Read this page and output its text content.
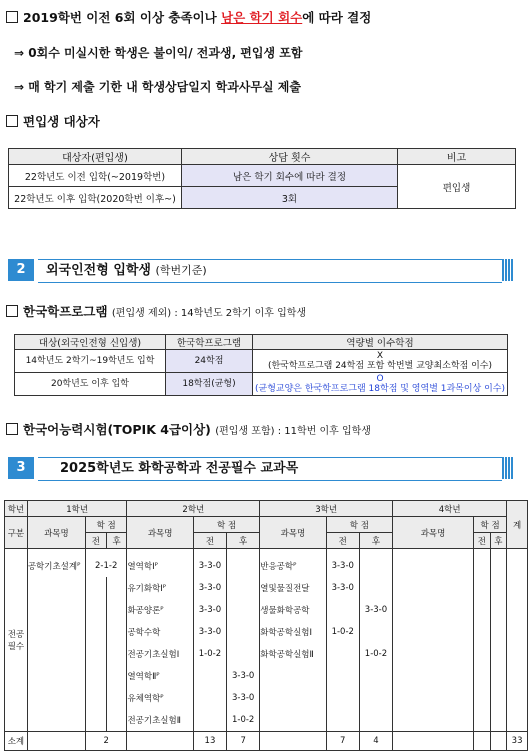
2019학번 이전 6회 이상 충족이나 남은 학기 회수에 따라 결정
⇒ 0회수 미실시한 학생은 불이익/ 전과생, 편입생 포함
⇒ 매 학기 제출 기한 내 학생상담일지 학과사무실 제출
편입생 대상자
대상자(편입생)	상담 횟수	비고
22학년도 이전 입학(~2019학번)	남은 학기 회수에 따라 결정	편입생
22학년도 이후 입학(2020학번 이후~)	3회	
2	외국인전형 입학생 (학번기준)
한국학프로그램 (편입생 제외) : 14학년도 2학기 이후 입학생
대상(외국인전형 신입생)	한국학프로그램	역량별 이수학점
14학년도 2학기~19학년도 입학	24학점	X
(한국학프로그램 24학점 포함 학번별 교양최소학점 이수)

20학년도 이후 입학	18학점(균형)	O
(균형교양은 한국학프로그램 18학점 및 영역별 1과목이상 이수)
한국어능력시험(TOPIK 4급이상) (편입생 포함) : 11학번 이후 입학생
3	2025학년도 화학공학과 전공필수 교과목
학년	1학년			2학년			3학년			4학년			계
구분	과목명	학 점		과목명	학 점		과목명	학 점		과목명	학 점		
		전	후		전	후		전	후		전	후	
전공
필수	공학기초설계ᴾ	2-1-2		열역학Ⅰᴾ	3-3-0		반응공학ᴾ	3-3-0					
				유기화학Ⅰᴾ	3-3-0		열및물질전달	3-3-0					
				화공양론ᴾ	3-3-0		생물화학공학		3-3-0				
				공학수학	3-3-0		화학공학실험Ⅰ	1-0-2					
				전공기초실험Ⅰ	1-0-2		화학공학실험Ⅱ		1-0-2				
				열역학Ⅱᴾ		3-3-0							
				유체역학ᴾ		3-3-0							
				전공기초실험Ⅱ		1-0-2							
소계		2			13	7		7	4				33
